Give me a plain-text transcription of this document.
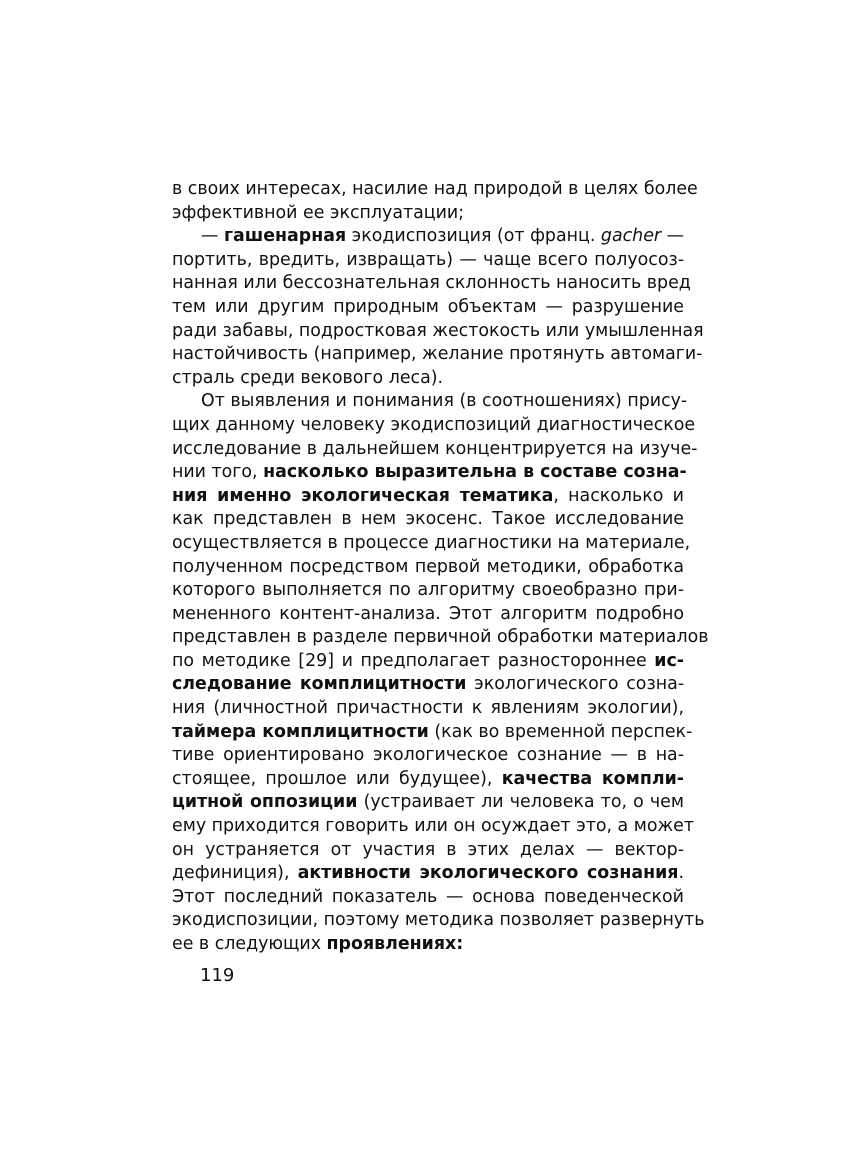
в своих интересах, насилие над природой в целях более
эффективной ее эксплуатации;
— гашенарная экодиспозиция (от франц. gacher —
портить, вредить, извращать) — чаще всего полуосоз-
нанная или бессознательная склонность наносить вред
тем или другим природным объектам — разрушение
ради забавы, подростковая жестокость или умышленная
настойчивость (например, желание протянуть автомаги-
страль среди векового леса).
От выявления и понимания (в соотношениях) прису-
щих данному человеку экодиспозиций диагностическое
исследование в дальнейшем концентрируется на изуче-
нии того, насколько выразительна в составе созна-
ния именно экологическая тематика, насколько и
как представлен в нем экосенс. Такое исследование
осуществляется в процессе диагностики на материале,
полученном посредством первой методики, обработка
которого выполняется по алгоритму своеобразно при-
мененного контент-анализа. Этот алгоритм подробно
представлен в разделе первичной обработки материалов
по методике [29] и предполагает разностороннее ис-
следование комплицитности экологического созна-
ния (личностной причастности к явлениям экологии),
таймера комплицитности (как во временной перспек-
тиве ориентировано экологическое сознание — в на-
стоящее, прошлое или будущее), качества компли-
цитной оппозиции (устраивает ли человека то, о чем
ему приходится говорить или он осуждает это, а может
он устраняется от участия в этих делах — вектор-
дефиниция), активности экологического сознания.
Этот последний показатель — основа поведенческой
экодиспозиции, поэтому методика позволяет развернуть
ее в следующих проявлениях:
119
